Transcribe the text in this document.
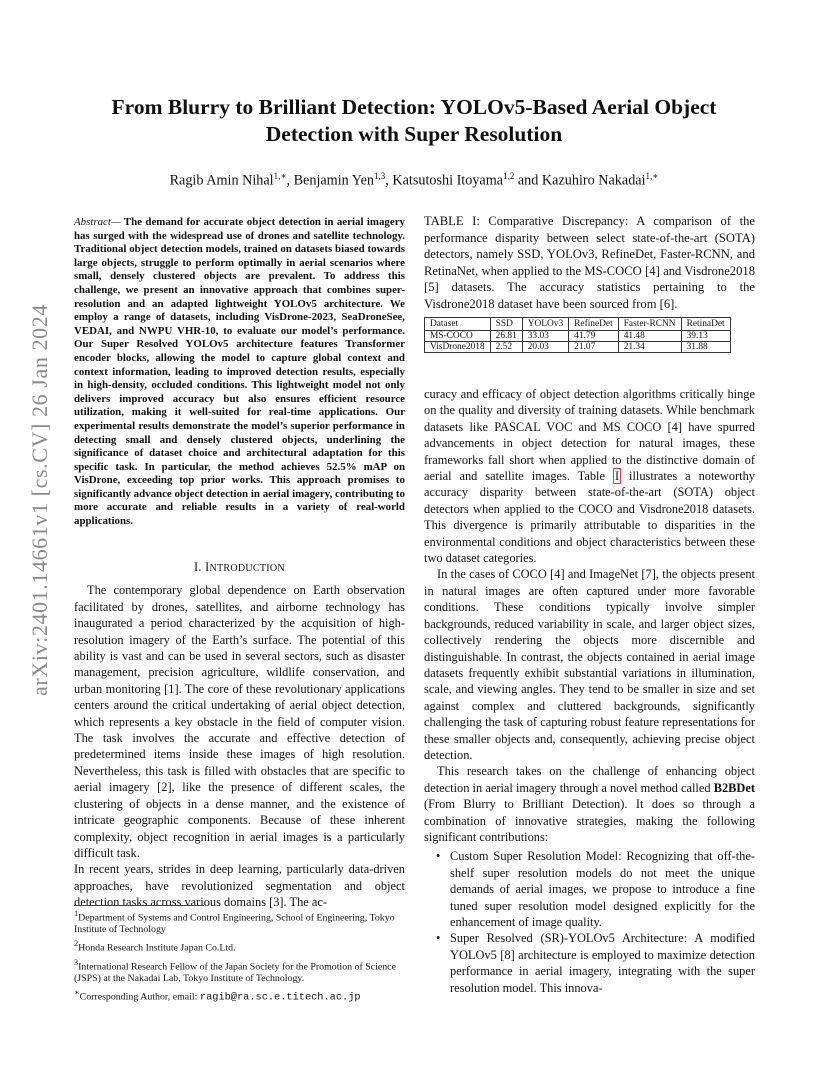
arXiv:2401.14661v1 [cs.CV] 26 Jan 2024
From Blurry to Brilliant Detection: YOLOv5-Based Aerial Object Detection with Super Resolution
Ragib Amin Nihal$^{1,∗}$, Benjamin Yen$^{1,3}$, Katsutoshi Itoyama$^{1,2}$ and Kazuhiro Nakadai$^{1,∗}$
Abstract— The demand for accurate object detection in aerial imagery has surged with the widespread use of drones and satellite technology. Traditional object detection models, trained on datasets biased towards large objects, struggle to perform optimally in aerial scenarios where small, densely clustered objects are prevalent. To address this challenge, we present an innovative approach that combines super-resolution and an adapted lightweight YOLOv5 architecture. We employ a range of datasets, including VisDrone-2023, SeaDroneSee, VEDAI, and NWPU VHR-10, to evaluate our model’s performance. Our Super Resolved YOLOv5 architecture features Transformer encoder blocks, allowing the model to capture global context and context information, leading to improved detection results, especially in high-density, occluded conditions. This lightweight model not only delivers improved accuracy but also ensures efficient resource utilization, making it well-suited for real-time applications. Our experimental results demonstrate the model’s superior performance in detecting small and densely clustered objects, underlining the significance of dataset choice and architectural adaptation for this specific task. In particular, the method achieves 52.5% mAP on VisDrone, exceeding top prior works. This approach promises to significantly advance object detection in aerial imagery, contributing to more accurate and reliable results in a variety of real-world applications.
I. INTRODUCTION

The contemporary global dependence on Earth observation facilitated by drones, satellites, and airborne technology has inaugurated a period characterized by the acquisition of high-resolution imagery of the Earth’s surface. The potential of this ability is vast and can be used in several sectors, such as disaster management, precision agriculture, wildlife conservation, and urban monitoring [1]. The core of these revolutionary applications centers around the critical undertaking of aerial object detection, which represents a key obstacle in the field of computer vision. The task involves the accurate and effective detection of predetermined items inside these images of high resolution. Nevertheless, this task is filled with obstacles that are specific to aerial imagery [2], like the presence of different scales, the clustering of objects in a dense manner, and the existence of intricate geographic components. Because of these inherent complexity, object recognition in aerial images is a particularly difficult task.

In recent years, strides in deep learning, particularly data-driven approaches, have revolutionized segmentation and object detection tasks across various domains [3]. The ac-

$^1$Department of Systems and Control Engineering, School of Engineering, Tokyo Institute of Technology

$^2$Honda Research Institute Japan Co.Ltd.

$^3$International Research Fellow of the Japan Society for the Promotion of Science (JSPS) at the Nakadai Lab, Tokyo Institute of Technology.

∗Corresponding Author, email: ragib@ra.sc.e.titech.ac.jp

TABLE I: Comparative Discrepancy: A comparison of the performance disparity between select state-of-the-art (SOTA) detectors, namely SSD, YOLOv3, RefineDet, Faster-RCNN, and RetinaNet, when applied to the MS-COCO [4] and Visdrone2018 [5] datasets. The accuracy statistics pertaining to the Visdrone2018 dataset have been sourced from [6].
Dataset	SSD	YOLOv3	RefineDet	Faster-RCNN	RetinaDet
MS-COCO	26.81	33.03	41.79	41.48	39.13
VisDrone2018	2.52	20.03	21.07	21.34	31.88

curacy and efficacy of object detection algorithms critically hinge on the quality and diversity of training datasets. While benchmark datasets like PASCAL VOC and MS COCO [4] have spurred advancements in object detection for natural images, these frameworks fall short when applied to the distinctive domain of aerial and satellite images. Table I illustrates a noteworthy accuracy disparity between state-of-the-art (SOTA) object detectors when applied to the COCO and Visdrone2018 datasets. This divergence is primarily attributable to disparities in the environmental conditions and object characteristics between these two dataset categories.

In the cases of COCO [4] and ImageNet [7], the objects present in natural images are often captured under more favorable conditions. These conditions typically involve simpler backgrounds, reduced variability in scale, and larger object sizes, collectively rendering the objects more discernible and distinguishable. In contrast, the objects contained in aerial image datasets frequently exhibit substantial variations in illumination, scale, and viewing angles. They tend to be smaller in size and set against complex and cluttered backgrounds, significantly challenging the task of capturing robust feature representations for these smaller objects and, consequently, achieving precise object detection.

This research takes on the challenge of enhancing object detection in aerial imagery through a novel method called B2BDet (From Blurry to Brilliant Detection). It does so through a combination of innovative strategies, making the following significant contributions:

• Custom Super Resolution Model: Recognizing that off-the-shelf super resolution models do not meet the unique demands of aerial images, we propose to introduce a fine tuned super resolution model designed explicitly for the enhancement of image quality.
• Super Resolved (SR)-YOLOv5 Architecture: A modified YOLOv5 [8] architecture is employed to maximize detection performance in aerial imagery, integrating with the super resolution model. This innova-
